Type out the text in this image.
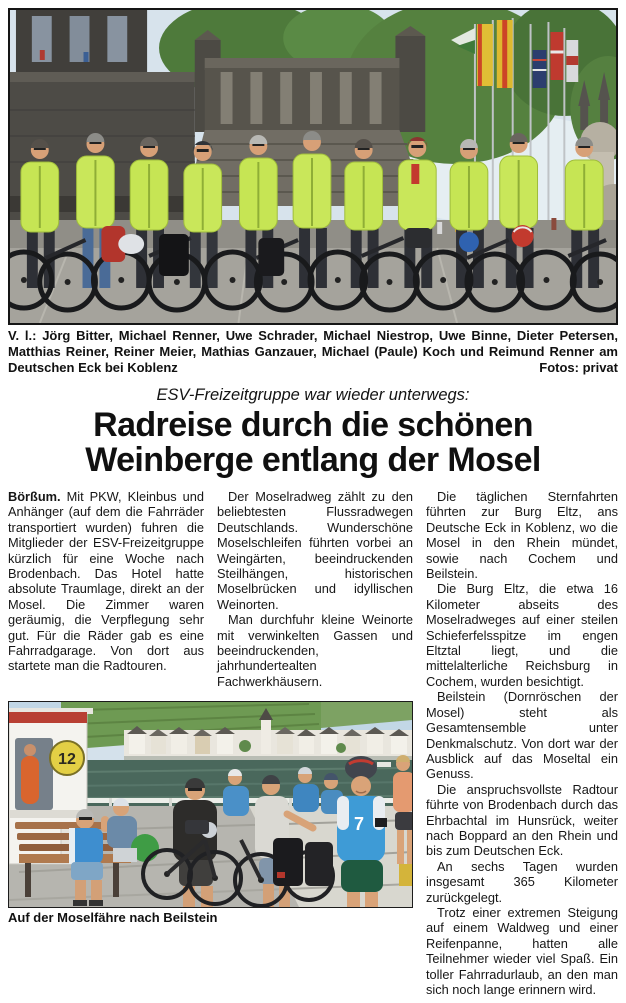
Fotos: privat
V. l.: Jörg Bitter, Michael Renner, Uwe Schrader, Michael Niestrop, Uwe Binne, Dieter Petersen, Matthias Reiner, Reiner Meier, Mathias Ganzauer, Michael (Paule) Koch und Reimund Renner am Deutschen Eck bei Koblenz
ESV-Freizeitgruppe war wieder unterwegs:
Radreise durch die schönen
Weinberge entlang der Mosel

Börßum. Mit PKW, Kleinbus und Anhänger (auf dem die Fahrräder transportiert wurden) fuhren die Mitglieder der ESV-Freizeitgruppe kürzlich für eine Woche nach Brodenbach. Das Hotel hatte absolute Traumlage, direkt an der Mosel. Die Zimmer waren geräumig, die Verpflegung sehr gut. Für die Räder gab es eine Fahrradgarage. Von dort aus startete man die Radtouren.

Der Moselradweg zählt zu den beliebtesten Flussradwegen Deutschlands. Wunderschöne Moselschleifen führten vorbei an Weingärten, beeindruckenden Steilhängen, historischen Moselbrücken und idyllischen Weinorten.

Man durchfuhr kleine Weinorte mit verwinkelten Gassen und beeindruckenden, jahrhundertealten Fachwerkhäusern.

12
7
Auf der Moselfähre nach Beilstein

Die täglichen Sternfahrten führten zur Burg Eltz, ans Deutsche Eck in Koblenz, wo die Mosel in den Rhein mündet, sowie nach Cochem und Beilstein.

Die Burg Eltz, die etwa 16 Kilometer abseits des Moselradweges auf einer steilen Schieferfelsspitze im engen Eltztal liegt, und die mittelalterliche Reichsburg in Cochem, wurden besichtigt.

Beilstein (Dornröschen der Mosel) steht als Gesamtensemble unter Denkmalschutz. Von dort war der Ausblick auf das Moseltal ein Genuss.

Die anspruchsvollste Radtour führte von Brodenbach durch das Ehrbachtal im Hunsrück, weiter nach Boppard an den Rhein und bis zum Deutschen Eck.

An sechs Tagen wurden insgesamt 365 Kilometer zurückgelegt.

Trotz einer extremen Steigung auf einem Waldweg und einer Reifenpanne, hatten alle Teilnehmer wieder viel Spaß. Ein toller Fahrradurlaub, an den man sich noch lange erinnern wird.
